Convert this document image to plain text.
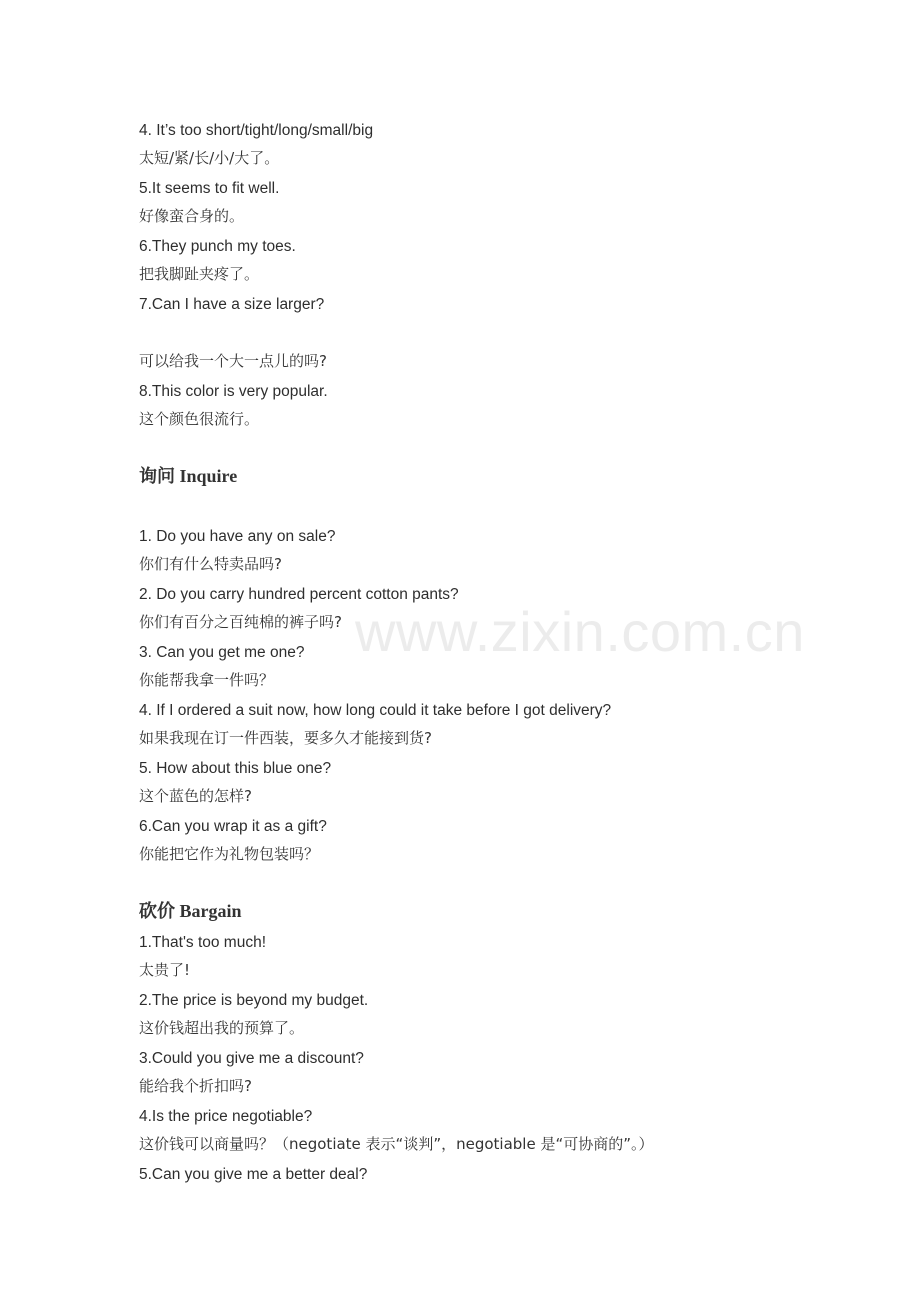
4. It’s too short/tight/long/small/big
太短/紧/长/小/大了。
5.It seems to fit well.
好像蛮合身的。
6.They punch my toes.
把我脚趾夹疼了。
7.Can I have a size larger?
可以给我一个大一点儿的吗?
8.This color is very popular.
这个颜色很流行。
询问 Inquire
1. Do you have any on sale?
你们有什么特卖品吗?
2. Do you carry hundred percent cotton pants?
你们有百分之百纯棉的裤子吗?
3. Can you get me one?
你能帮我拿一件吗？
4. If I ordered a suit now, how long could it take before I got delivery?
如果我现在订一件西装，要多久才能接到货?
5. How about this blue one?
这个蓝色的怎样?
6.Can you wrap it as a gift?
你能把它作为礼物包装吗？
砍价 Bargain
1.That's too much!
太贵了!
2.The price is beyond my budget.
这价钱超出我的预算了。
3.Could you give me a discount?
能给我个折扣吗?
4.Is the price negotiable?
这价钱可以商量吗？（negotiate 表示“谈判”，negotiable 是“可协商的”。）
5.Can you give me a better deal?
www.zixin.com.cn
